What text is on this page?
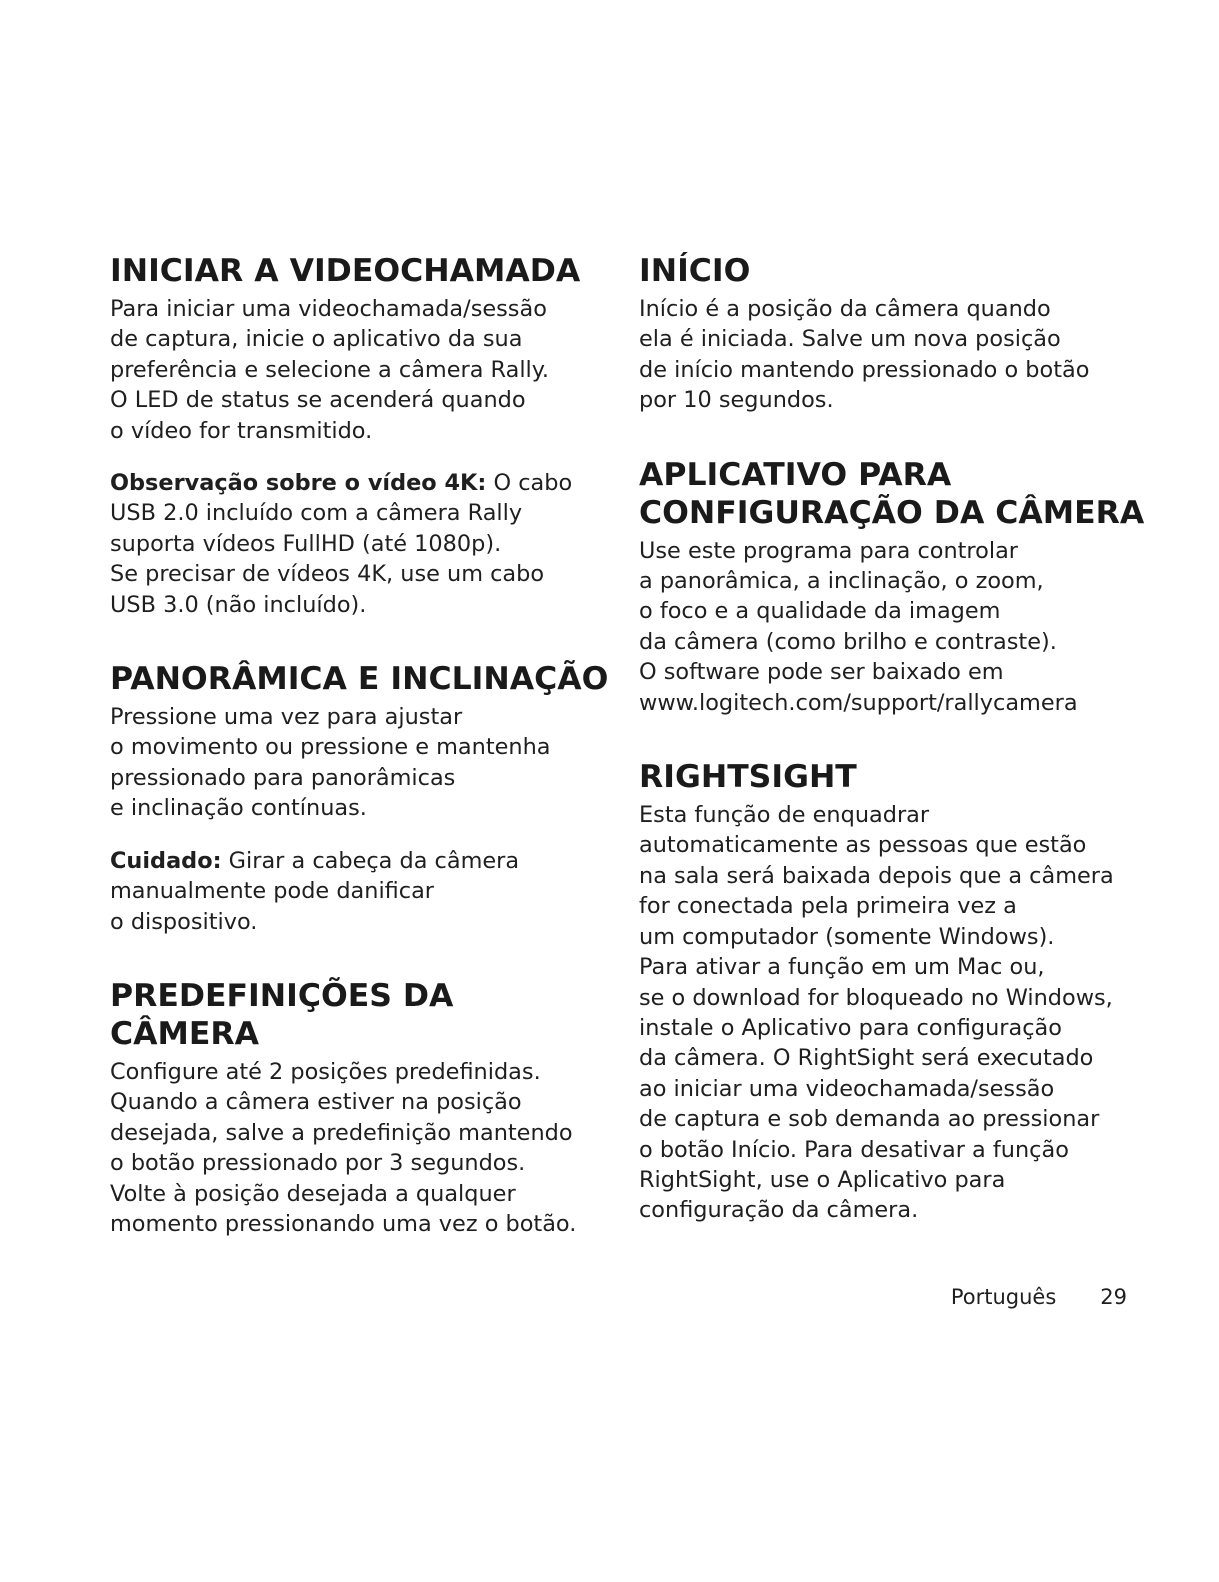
INICIAR A VIDEOCHAMADA
Para iniciar uma videochamada/sessão
de captura, inicie o aplicativo da sua
preferência e selecione a câmera Rally.
O LED de status se acenderá quando
o vídeo for transmitido.
Observação sobre o vídeo 4K: O cabo
USB 2.0 incluído com a câmera Rally
suporta vídeos FullHD (até 1080p).
Se precisar de vídeos 4K, use um cabo
USB 3.0 (não incluído).
PANORÂMICA E INCLINAÇÃO
Pressione uma vez para ajustar
o movimento ou pressione e mantenha
pressionado para panorâmicas
e inclinação contínuas.
Cuidado: Girar a cabeça da câmera
manualmente pode danificar
o dispositivo.
PREDEFINIÇÕES DA CÂMERA
Configure até 2 posições predefinidas.
Quando a câmera estiver na posição
desejada, salve a predefinição mantendo
o botão pressionado por 3 segundos.
Volte à posição desejada a qualquer
momento pressionando uma vez o botão.
INÍCIO
Início é a posição da câmera quando
ela é iniciada. Salve um nova posição
de início mantendo pressionado o botão
por 10 segundos.
APLICATIVO PARA
CONFIGURAÇÃO DA CÂMERA
Use este programa para controlar
a panorâmica, a inclinação, o zoom,
o foco e a qualidade da imagem
da câmera (como brilho e contraste).
O software pode ser baixado em
www.logitech.com/support/rallycamera
RIGHTSIGHT
Esta função de enquadrar
automaticamente as pessoas que estão
na sala será baixada depois que a câmera
for conectada pela primeira vez a
um computador (somente Windows).
Para ativar a função em um Mac ou,
se o download for bloqueado no Windows,
instale o Aplicativo para configuração
da câmera. O RightSight será executado
ao iniciar uma videochamada/sessão
de captura e sob demanda ao pressionar
o botão Início. Para desativar a função
RightSight, use o Aplicativo para
configuração da câmera.
Português 29
